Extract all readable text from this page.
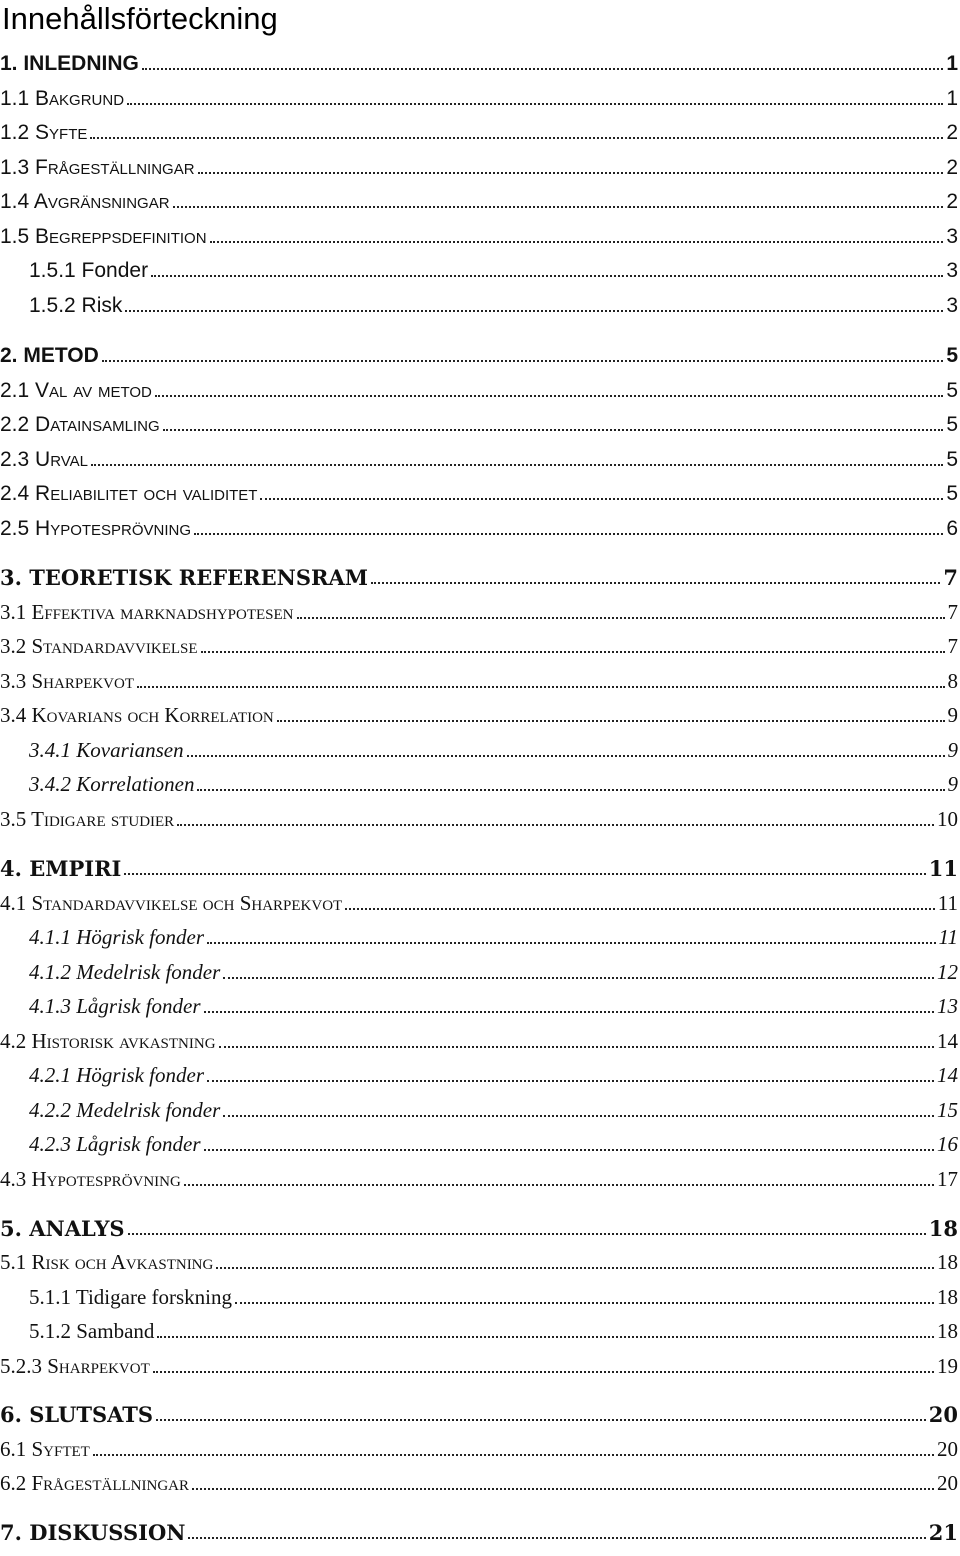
Innehållsförteckning
1. INLEDNING	1
1.1 Bakgrund	1
1.2 Syfte	2
1.3 Frågeställningar	2
1.4 Avgränsningar	2
1.5 Begreppsdefinition	3
1.5.1 Fonder	3
1.5.2 Risk	3
2. METOD	5
2.1 Val av metod	5
2.2 Datainsamling	5
2.3 Urval	5
2.4 Reliabilitet och validitet	5
2.5 Hypotesprövning	6
3. TEORETISK REFERENSRAM	7
3.1 Effektiva marknadshypotesen	7
3.2 Standardavvikelse	7
3.3 Sharpekvot	8
3.4 Kovarians och Korrelation	9
3.4.1 Kovariansen	9
3.4.2 Korrelationen	9
3.5 Tidigare studier	10
4. EMPIRI	11
4.1 Standardavvikelse och Sharpekvot	11
4.1.1 Högrisk fonder	11
4.1.2 Medelrisk fonder	12
4.1.3 Lågrisk fonder	13
4.2 Historisk avkastning	14
4.2.1 Högrisk fonder	14
4.2.2 Medelrisk fonder	15
4.2.3 Lågrisk fonder	16
4.3 Hypotesprövning	17
5. ANALYS	18
5.1 Risk och Avkastning	18
5.1.1 Tidigare forskning	18
5.1.2 Samband	18
5.2.3 Sharpekvot	19
6. SLUTSATS	20
6.1 Syftet	20
6.2 Frågeställningar	20
7. DISKUSSION	21
